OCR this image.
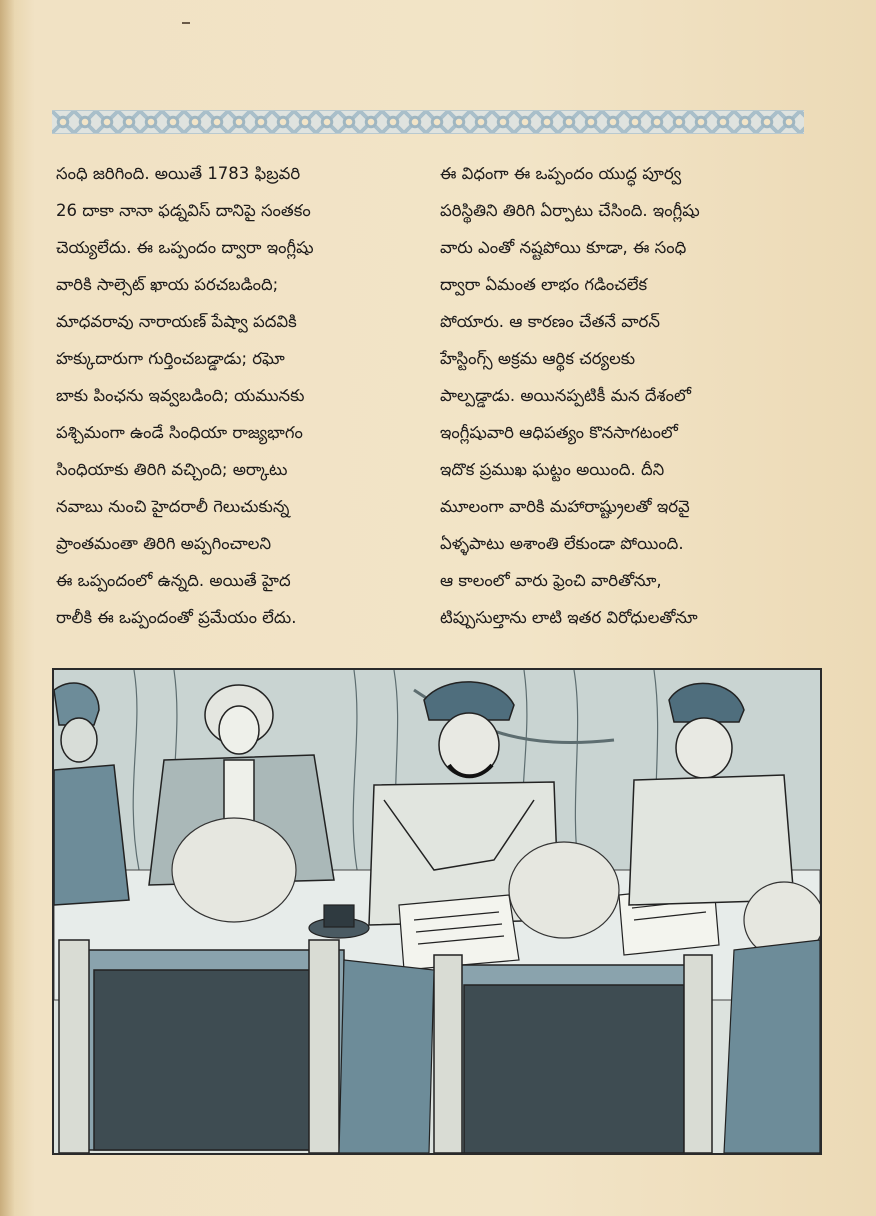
సంధి జరిగింది. అయితే 1783 ఫిబ్రవరి
26 దాకా నానా ఫడ్నవిస్ దానిపై సంతకం
చెయ్యలేదు. ఈ ఒప్పందం ద్వారా ఇంగ్లీషు
వారికి సాల్సెట్ ఖాయ పరచబడింది;
మాధవరావు నారాయణ్ పేష్వా పదవికి
హక్కుదారుగా గుర్తించబడ్డాడు; రఘో
బాకు పింఛను ఇవ్వబడింది; యమునకు
పశ్చిమంగా ఉండే సింధియా రాజ్యభాగం
సింధియాకు తిరిగి వచ్చింది; అర్కాటు
నవాబు నుంచి హైదరాలీ గెలుచుకున్న
ప్రాంతమంతా తిరిగి అప్పగించాలని
ఈ ఒప్పందంలో ఉన్నది. అయితే హైద
రాలీకి ఈ ఒప్పందంతో ప్రమేయం లేదు.
ఈ విధంగా ఈ ఒప్పందం యుద్ధ పూర్వ
పరిస్థితిని తిరిగి ఏర్పాటు చేసింది. ఇంగ్లీషు
వారు ఎంతో నష్టపోయి కూడా, ఈ సంధి
ద్వారా ఏమంత లాభం గడించలేక
పోయారు. ఆ కారణం చేతనే వారన్
హేస్టింగ్స్ అక్రమ ఆర్థిక చర్యలకు
పాల్పడ్డాడు. అయినప్పటికీ మన దేశంలో
ఇంగ్లీషువారి ఆధిపత్యం కొనసాగటంలో
ఇదొక ప్రముఖ ఘట్టం అయింది. దీని
మూలంగా వారికి మహారాష్ట్రులతో ఇరవై
ఏళ్ళపాటు అశాంతి లేకుండా పోయింది.
ఆ కాలంలో వారు ఫ్రెంచి వారితోనూ,
టిప్పుసుల్తాను లాటి ఇతర విరోధులతోనూ
